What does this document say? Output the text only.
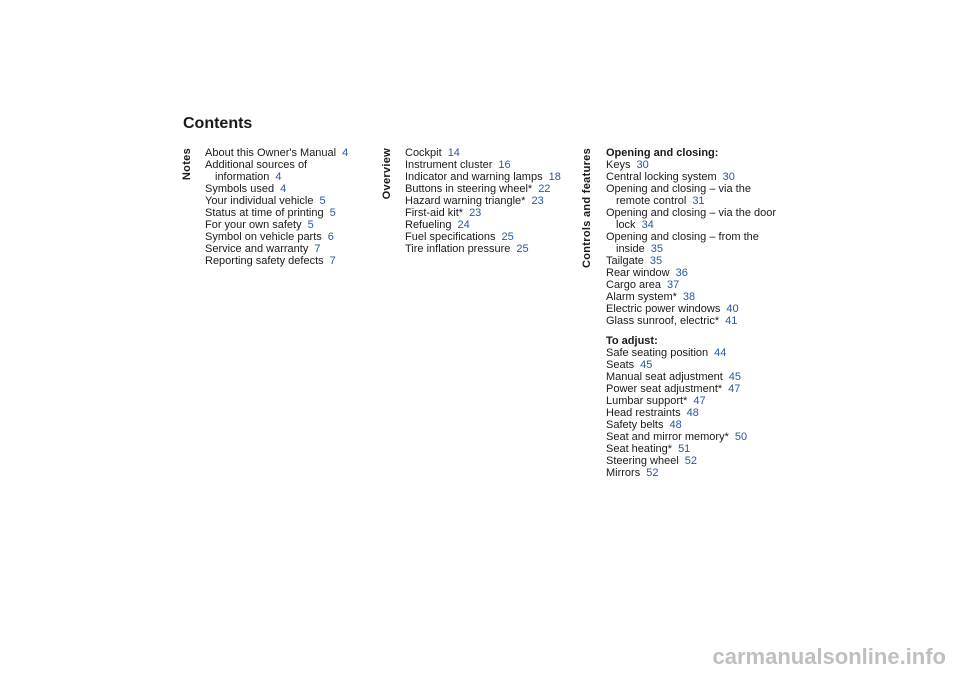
Contents
Notes About this Owner's Manual 4
Additional sources of information 4
Symbols used 4
Your individual vehicle 5
Status at time of printing 5
For your own safety 5
Symbol on vehicle parts 6
Service and warranty 7
Reporting safety defects 7
Overview Cockpit 14
Instrument cluster 16
Indicator and warning lamps 18
Buttons in steering wheel* 22
Hazard warning triangle* 23
First-aid kit* 23
Refueling 24
Fuel specifications 25
Tire inflation pressure 25	Controls and features Opening and closing:
Keys 30
Central locking system 30
Opening and closing – via the remote control 31
Opening and closing – via the door lock 34
Opening and closing – from the inside 35
Tailgate 35
Rear window 36
Cargo area 37
Alarm system* 38
Electric power windows 40
Glass sunroof, electric* 41
To adjust:
Safe seating position 44
Seats 45
Manual seat adjustment 45
Power seat adjustment* 47
Lumbar support* 47
Head restraints 48
Safety belts 48
Seat and mirror memory* 50
Seat heating* 51
Steering wheel 52
Mirrors 52
carmanualsonline.info
